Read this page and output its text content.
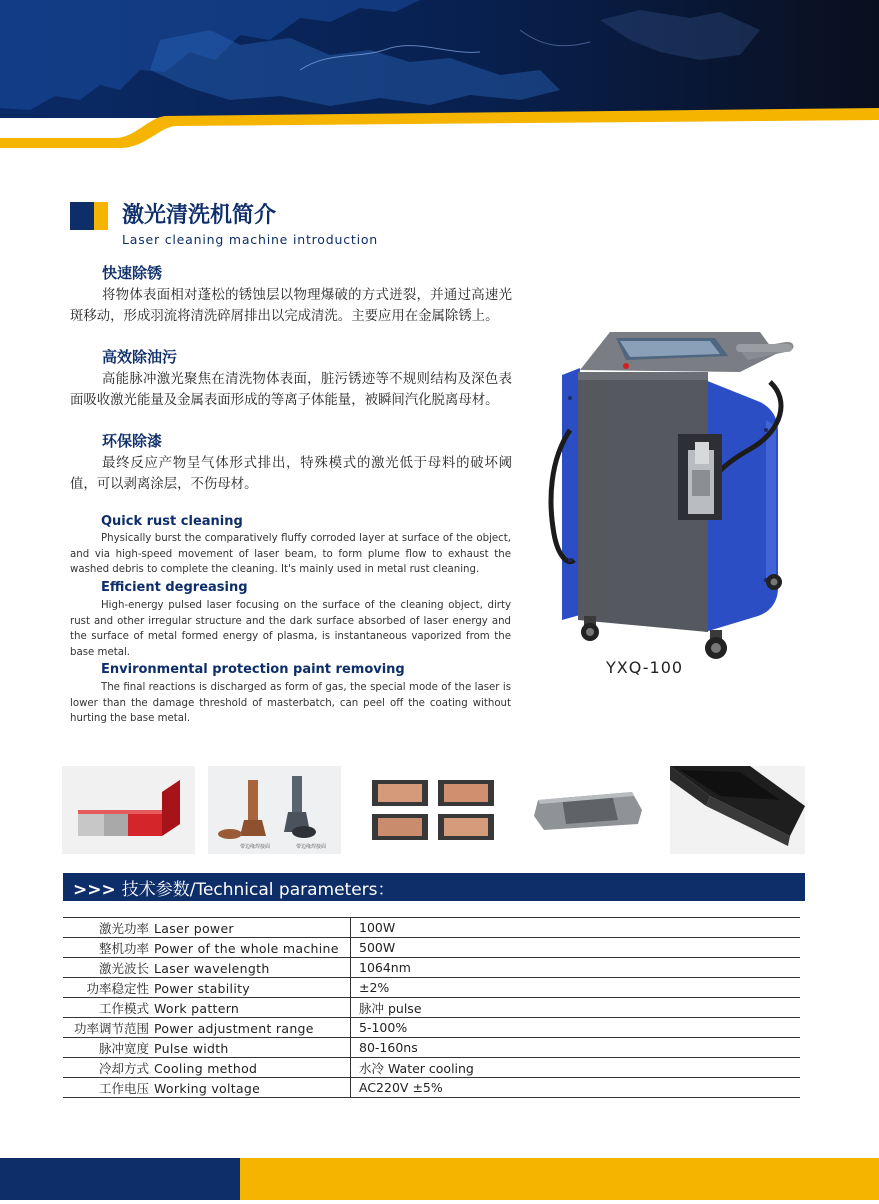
激光清洗机简介
Laser cleaning machine introduction
快速除锈
将物体表面相对蓬松的锈蚀层以物理爆破的方式迸裂，并通过高速光斑移动，形成羽流将清洗碎屑排出以完成清洗。主要应用在金属除锈上。
高效除油污
高能脉冲激光聚焦在清洗物体表面，脏污锈迹等不规则结构及深色表面吸收激光能量及金属表面形成的等离子体能量，被瞬间汽化脱离母材。
环保除漆
最终反应产物呈气体形式排出，特殊模式的激光低于母料的破坏阈值，可以剥离涂层，不伤母材。
Quick rust cleaning
Physically burst the comparatively fluffy corroded layer at surface of the object, and via high-speed movement of laser beam, to form plume flow to exhaust the washed debris to complete the cleaning. It's mainly used in metal rust cleaning.
Efficient degreasing
High-energy pulsed laser focusing on the surface of the cleaning object, dirty rust and other irregular structure and the dark surface absorbed of laser energy and the surface of metal formed energy of plasma, is instantaneous vaporized from the base metal.
Environmental protection paint removing
The final reactions is discharged as form of gas, the special mode of the laser is lower than the damage threshold of masterbatch, can peel off the coating without hurting the base metal.
YXQ-100
带边缘焊接面	带边缘焊接面
>>> 技术参数/Technical parameters：
激光功率 Laser power	100W
整机功率 Power of the whole machine	500W
激光波长 Laser wavelength	1064nm
功率稳定性 Power stability	±2%
工作模式 Work pattern	脉冲 pulse
功率调节范围 Power adjustment range	5-100%
脉冲宽度 Pulse width	80-160ns
冷却方式 Cooling method	水冷 Water cooling
工作电压 Working voltage	AC220V ±5%
